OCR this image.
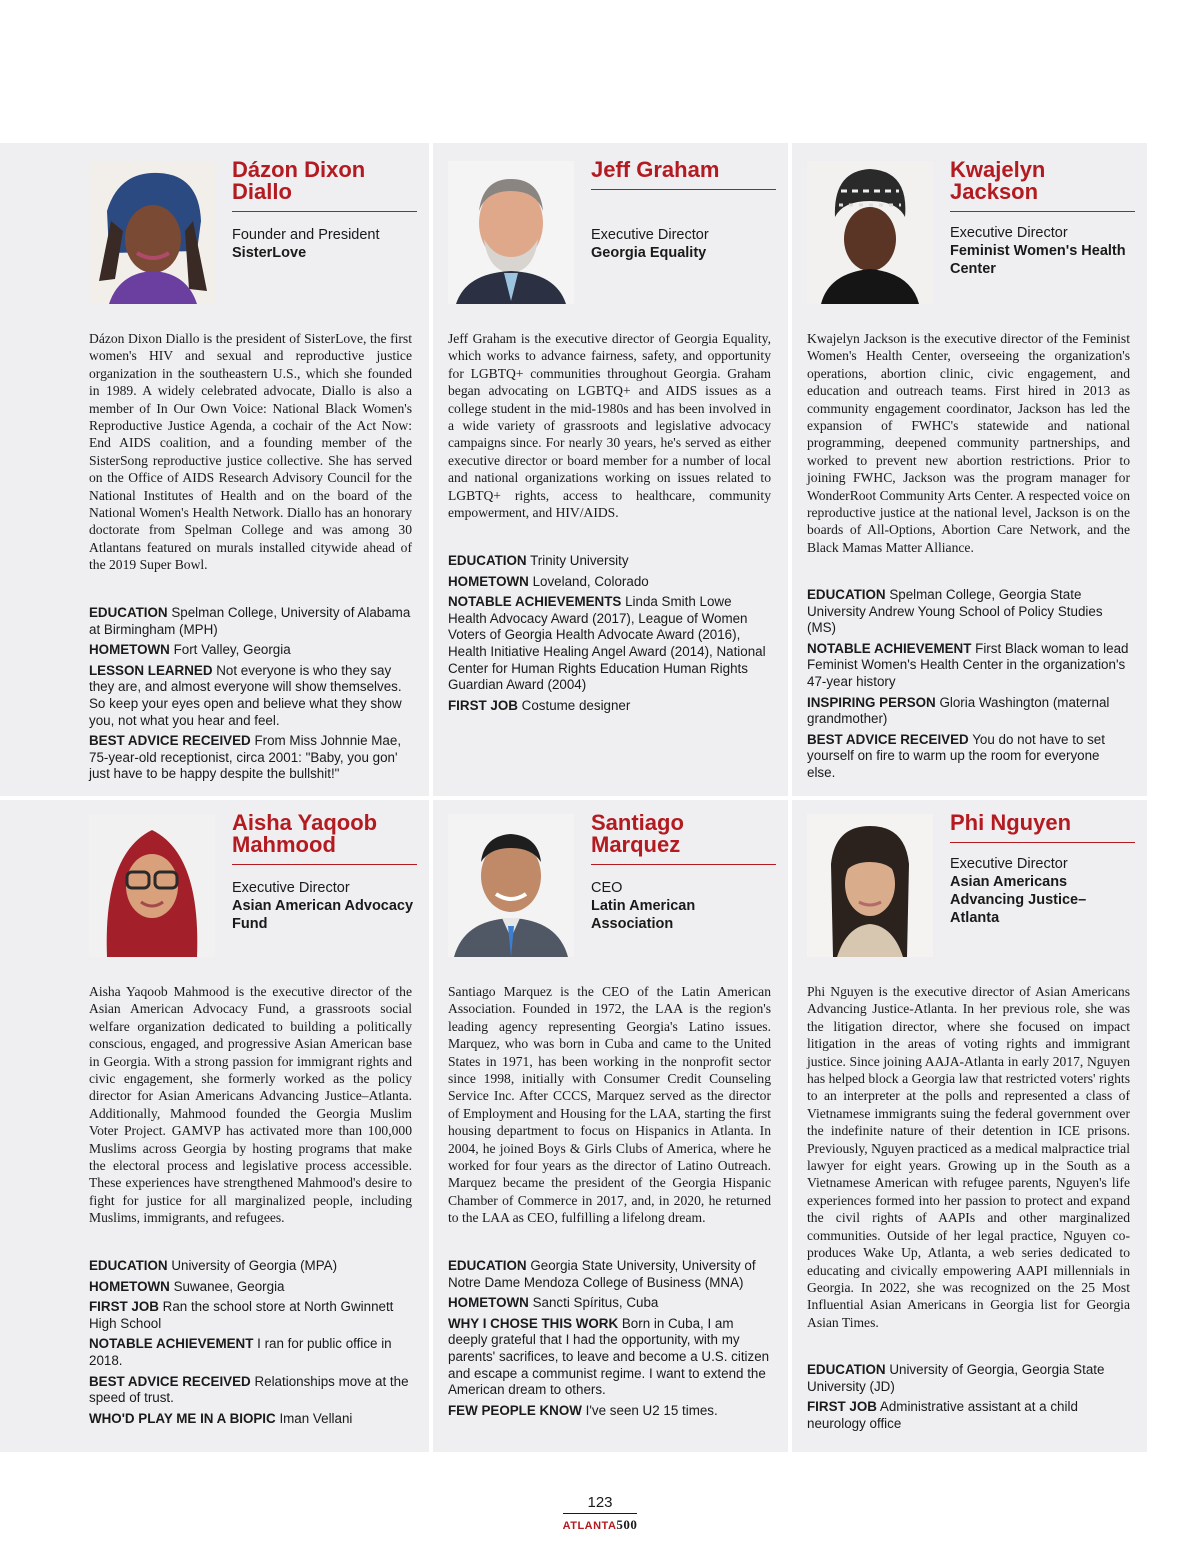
Dázon Dixon Diallo
Founder and President
SisterLove
Dázon Dixon Diallo is the president of SisterLove, the first women's HIV and sexual and reproductive justice organization in the southeastern U.S., which she founded in 1989. A widely celebrated advocate, Diallo is also a member of In Our Own Voice: National Black Women's Reproductive Justice Agenda, a cochair of the Act Now: End AIDS coalition, and a founding member of the SisterSong reproductive justice collective. She has served on the Office of AIDS Research Advisory Council for the National Institutes of Health and on the board of the National Women's Health Network. Diallo has an honorary doctorate from Spelman College and was among 30 Atlantans featured on murals installed citywide ahead of the 2019 Super Bowl.
EDUCATION Spelman College, University of Alabama at Birmingham (MPH)
HOMETOWN Fort Valley, Georgia
LESSON LEARNED Not everyone is who they say they are, and almost everyone will show themselves. So keep your eyes open and believe what they show you, not what you hear and feel.
BEST ADVICE RECEIVED From Miss Johnnie Mae, 75-year-old receptionist, circa 2001: "Baby, you gon' just have to be happy despite the bullshit!"
Jeff Graham
Executive Director
Georgia Equality
Jeff Graham is the executive director of Georgia Equality, which works to advance fairness, safety, and opportunity for LGBTQ+ communities throughout Georgia. Graham began advocating on LGBTQ+ and AIDS issues as a college student in the mid-1980s and has been involved in a wide variety of grassroots and legislative advocacy campaigns since. For nearly 30 years, he's served as either executive director or board member for a number of local and national organizations working on issues related to LGBTQ+ rights, access to healthcare, community empowerment, and HIV/AIDS.
EDUCATION Trinity University
HOMETOWN Loveland, Colorado
NOTABLE ACHIEVEMENTS Linda Smith Lowe Health Advocacy Award (2017), League of Women Voters of Georgia Health Advocate Award (2016), Health Initiative Healing Angel Award (2014), National Center for Human Rights Education Human Rights Guardian Award (2004)
FIRST JOB Costume designer
Kwajelyn Jackson
Executive Director
Feminist Women's Health Center
Kwajelyn Jackson is the executive director of the Feminist Women's Health Center, overseeing the organization's operations, abortion clinic, civic engagement, and education and outreach teams. First hired in 2013 as community engagement coordinator, Jackson has led the expansion of FWHC's statewide and national programming, deepened community partnerships, and worked to prevent new abortion restrictions. Prior to joining FWHC, Jackson was the program manager for WonderRoot Community Arts Center. A respected voice on reproductive justice at the national level, Jackson is on the boards of All-Options, Abortion Care Network, and the Black Mamas Matter Alliance.
EDUCATION Spelman College, Georgia State University Andrew Young School of Policy Studies (MS)
NOTABLE ACHIEVEMENT First Black woman to lead Feminist Women's Health Center in the organization's 47-year history
INSPIRING PERSON Gloria Washington (maternal grandmother)
BEST ADVICE RECEIVED You do not have to set yourself on fire to warm up the room for everyone else.
Aisha Yaqoob Mahmood
Executive Director
Asian American Advocacy Fund
Aisha Yaqoob Mahmood is the executive director of the Asian American Advocacy Fund, a grassroots social welfare organization dedicated to building a politically conscious, engaged, and progressive Asian American base in Georgia. With a strong passion for immigrant rights and civic engagement, she formerly worked as the policy director for Asian Americans Advancing Justice–Atlanta. Additionally, Mahmood founded the Georgia Muslim Voter Project. GAMVP has activated more than 100,000 Muslims across Georgia by hosting programs that make the electoral process and legislative process accessible. These experiences have strengthened Mahmood's desire to fight for justice for all marginalized people, including Muslims, immigrants, and refugees.
EDUCATION University of Georgia (MPA)
HOMETOWN Suwanee, Georgia
FIRST JOB Ran the school store at North Gwinnett High School
NOTABLE ACHIEVEMENT I ran for public office in 2018.
BEST ADVICE RECEIVED Relationships move at the speed of trust.
WHO'D PLAY ME IN A BIOPIC Iman Vellani
Santiago Marquez
CEO
Latin American Association
Santiago Marquez is the CEO of the Latin American Association. Founded in 1972, the LAA is the region's leading agency representing Georgia's Latino issues. Marquez, who was born in Cuba and came to the United States in 1971, has been working in the nonprofit sector since 1998, initially with Consumer Credit Counseling Service Inc. After CCCS, Marquez served as the director of Employment and Housing for the LAA, starting the first housing department to focus on Hispanics in Atlanta. In 2004, he joined Boys & Girls Clubs of America, where he worked for four years as the director of Latino Outreach. Marquez became the president of the Georgia Hispanic Chamber of Commerce in 2017, and, in 2020, he returned to the LAA as CEO, fulfilling a lifelong dream.
EDUCATION Georgia State University, University of Notre Dame Mendoza College of Business (MNA)
HOMETOWN Sancti Spíritus, Cuba
WHY I CHOSE THIS WORK Born in Cuba, I am deeply grateful that I had the opportunity, with my parents' sacrifices, to leave and become a U.S. citizen and escape a communist regime. I want to extend the American dream to others.
FEW PEOPLE KNOW I've seen U2 15 times.
Phi Nguyen
Executive Director
Asian Americans Advancing Justice–Atlanta
Phi Nguyen is the executive director of Asian Americans Advancing Justice-Atlanta. In her previous role, she was the litigation director, where she focused on impact litigation in the areas of voting rights and immigrant justice. Since joining AAJA-Atlanta in early 2017, Nguyen has helped block a Georgia law that restricted voters' rights to an interpreter at the polls and represented a class of Vietnamese immigrants suing the federal government over the indefinite nature of their detention in ICE prisons. Previously, Nguyen practiced as a medical malpractice trial lawyer for eight years. Growing up in the South as a Vietnamese American with refugee parents, Nguyen's life experiences formed into her passion to protect and expand the civil rights of AAPIs and other marginalized communities. Outside of her legal practice, Nguyen co-produces Wake Up, Atlanta, a web series dedicated to educating and civically empowering AAPI millennials in Georgia. In 2022, she was recognized on the 25 Most Influential Asian Americans in Georgia list for Georgia Asian Times.
EDUCATION University of Georgia, Georgia State University (JD)
FIRST JOB Administrative assistant at a child neurology office
123
ATLANTA500
